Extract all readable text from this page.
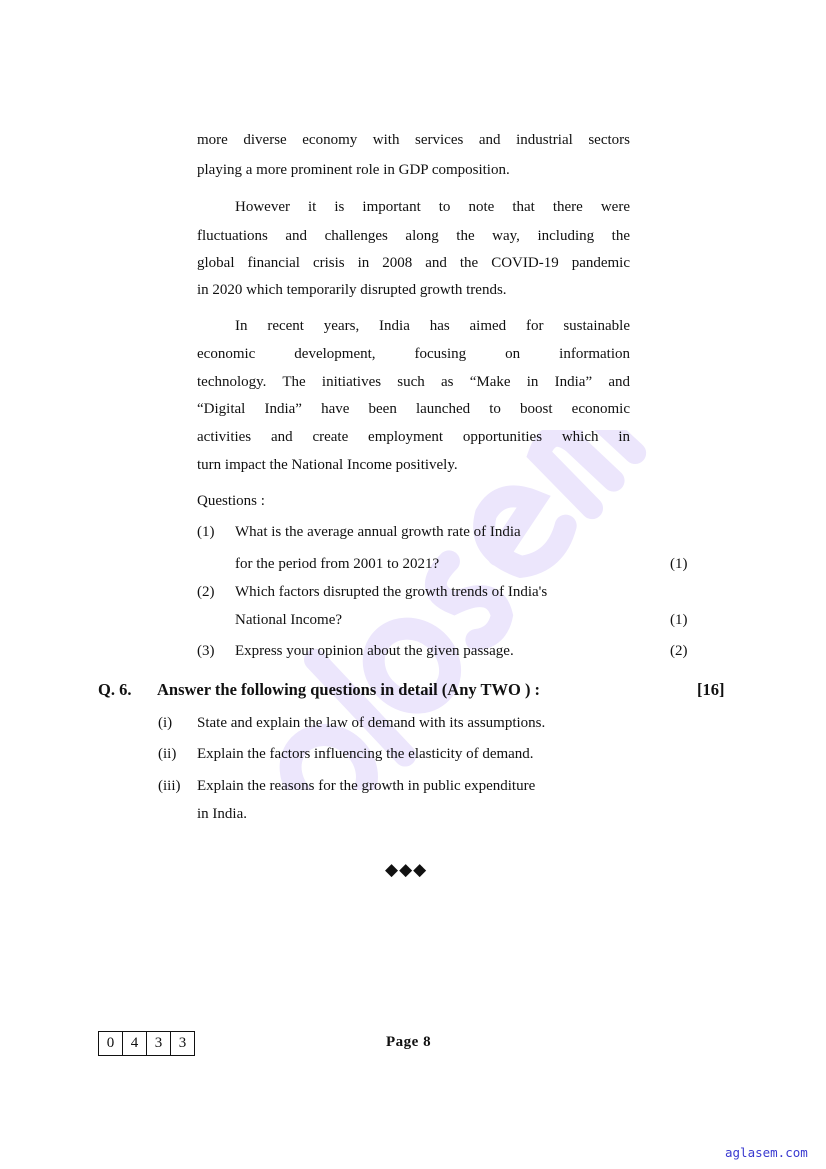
more diverse economy with services and industrial sectors
playing a more prominent role in GDP composition.
However it is important to note that there were
fluctuations and challenges along the way, including the
global financial crisis in 2008 and the COVID-19 pandemic
in 2020 which temporarily disrupted growth trends.
In recent years, India has aimed for sustainable
economic development, focusing on information
technology. The initiatives such as “Make in India” and
“Digital India” have been launched to boost economic
activities and create employment opportunities which in
turn impact the National Income positively.
Questions :
(1) What is the average annual growth rate of India
for the period from 2001 to 2021?	(1)
(2) Which factors disrupted the growth trends of India's
National Income?	(1)
(3) Express your opinion about the given passage.	(2)
Q. 6. Answer the following questions in detail (Any TWO ) :	[16]
(i) State and explain the law of demand with its assumptions.
(ii) Explain the factors influencing the elasticity of demand.
(iii) Explain the reasons for the growth in public expenditure
in India.
◆◆◆
0	4	3	3	Page 8
aglasem.com
